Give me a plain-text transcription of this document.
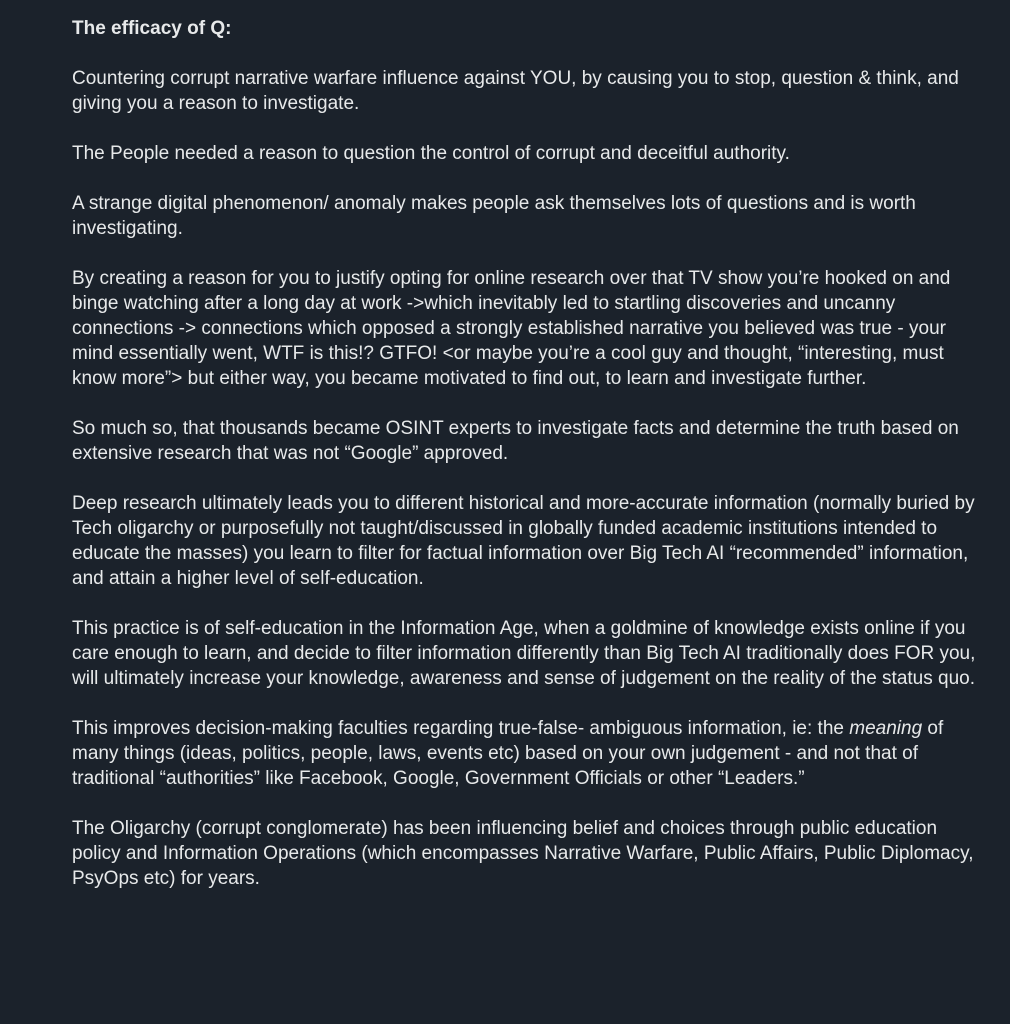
The efficacy of Q:
Countering corrupt narrative warfare influence against YOU, by causing you to stop, question & think, and giving you a reason to investigate.
The People needed a reason to question the control of corrupt and deceitful authority.
A strange digital phenomenon/ anomaly makes people ask themselves lots of questions and is worth investigating.
By creating a reason for you to justify opting for online research over that TV show you’re hooked on and binge watching after a long day at work ->which inevitably led to startling discoveries and uncanny connections -> connections which opposed a strongly established narrative you believed was true - your mind essentially went, WTF is this!? GTFO! <or maybe you’re a cool guy and thought, “interesting, must know more”> but either way, you became motivated to find out, to learn and investigate further.
So much so, that thousands became OSINT experts to investigate facts and determine the truth based on extensive research that was not “Google” approved.
Deep research ultimately leads you to different historical and more-accurate information (normally buried by Tech oligarchy or purposefully not taught/discussed in globally funded academic institutions intended to educate the masses) you learn to filter for factual information over Big Tech AI “recommended” information, and attain a higher level of self-education.
This practice is of self-education in the Information Age, when a goldmine of knowledge exists online if you care enough to learn, and decide to filter information differently than Big Tech AI traditionally does FOR you,
will ultimately increase your knowledge, awareness and sense of judgement on the reality of the status quo.
This improves decision-making faculties regarding true-false- ambiguous information, ie: the meaning of many things (ideas, politics, people, laws, events etc) based on your own judgement - and not that of traditional “authorities” like Facebook, Google, Government Officials or other “Leaders.”
The Oligarchy (corrupt conglomerate) has been influencing belief and choices through public education policy and Information Operations (which encompasses Narrative Warfare, Public Affairs, Public Diplomacy, PsyOps etc) for years.
